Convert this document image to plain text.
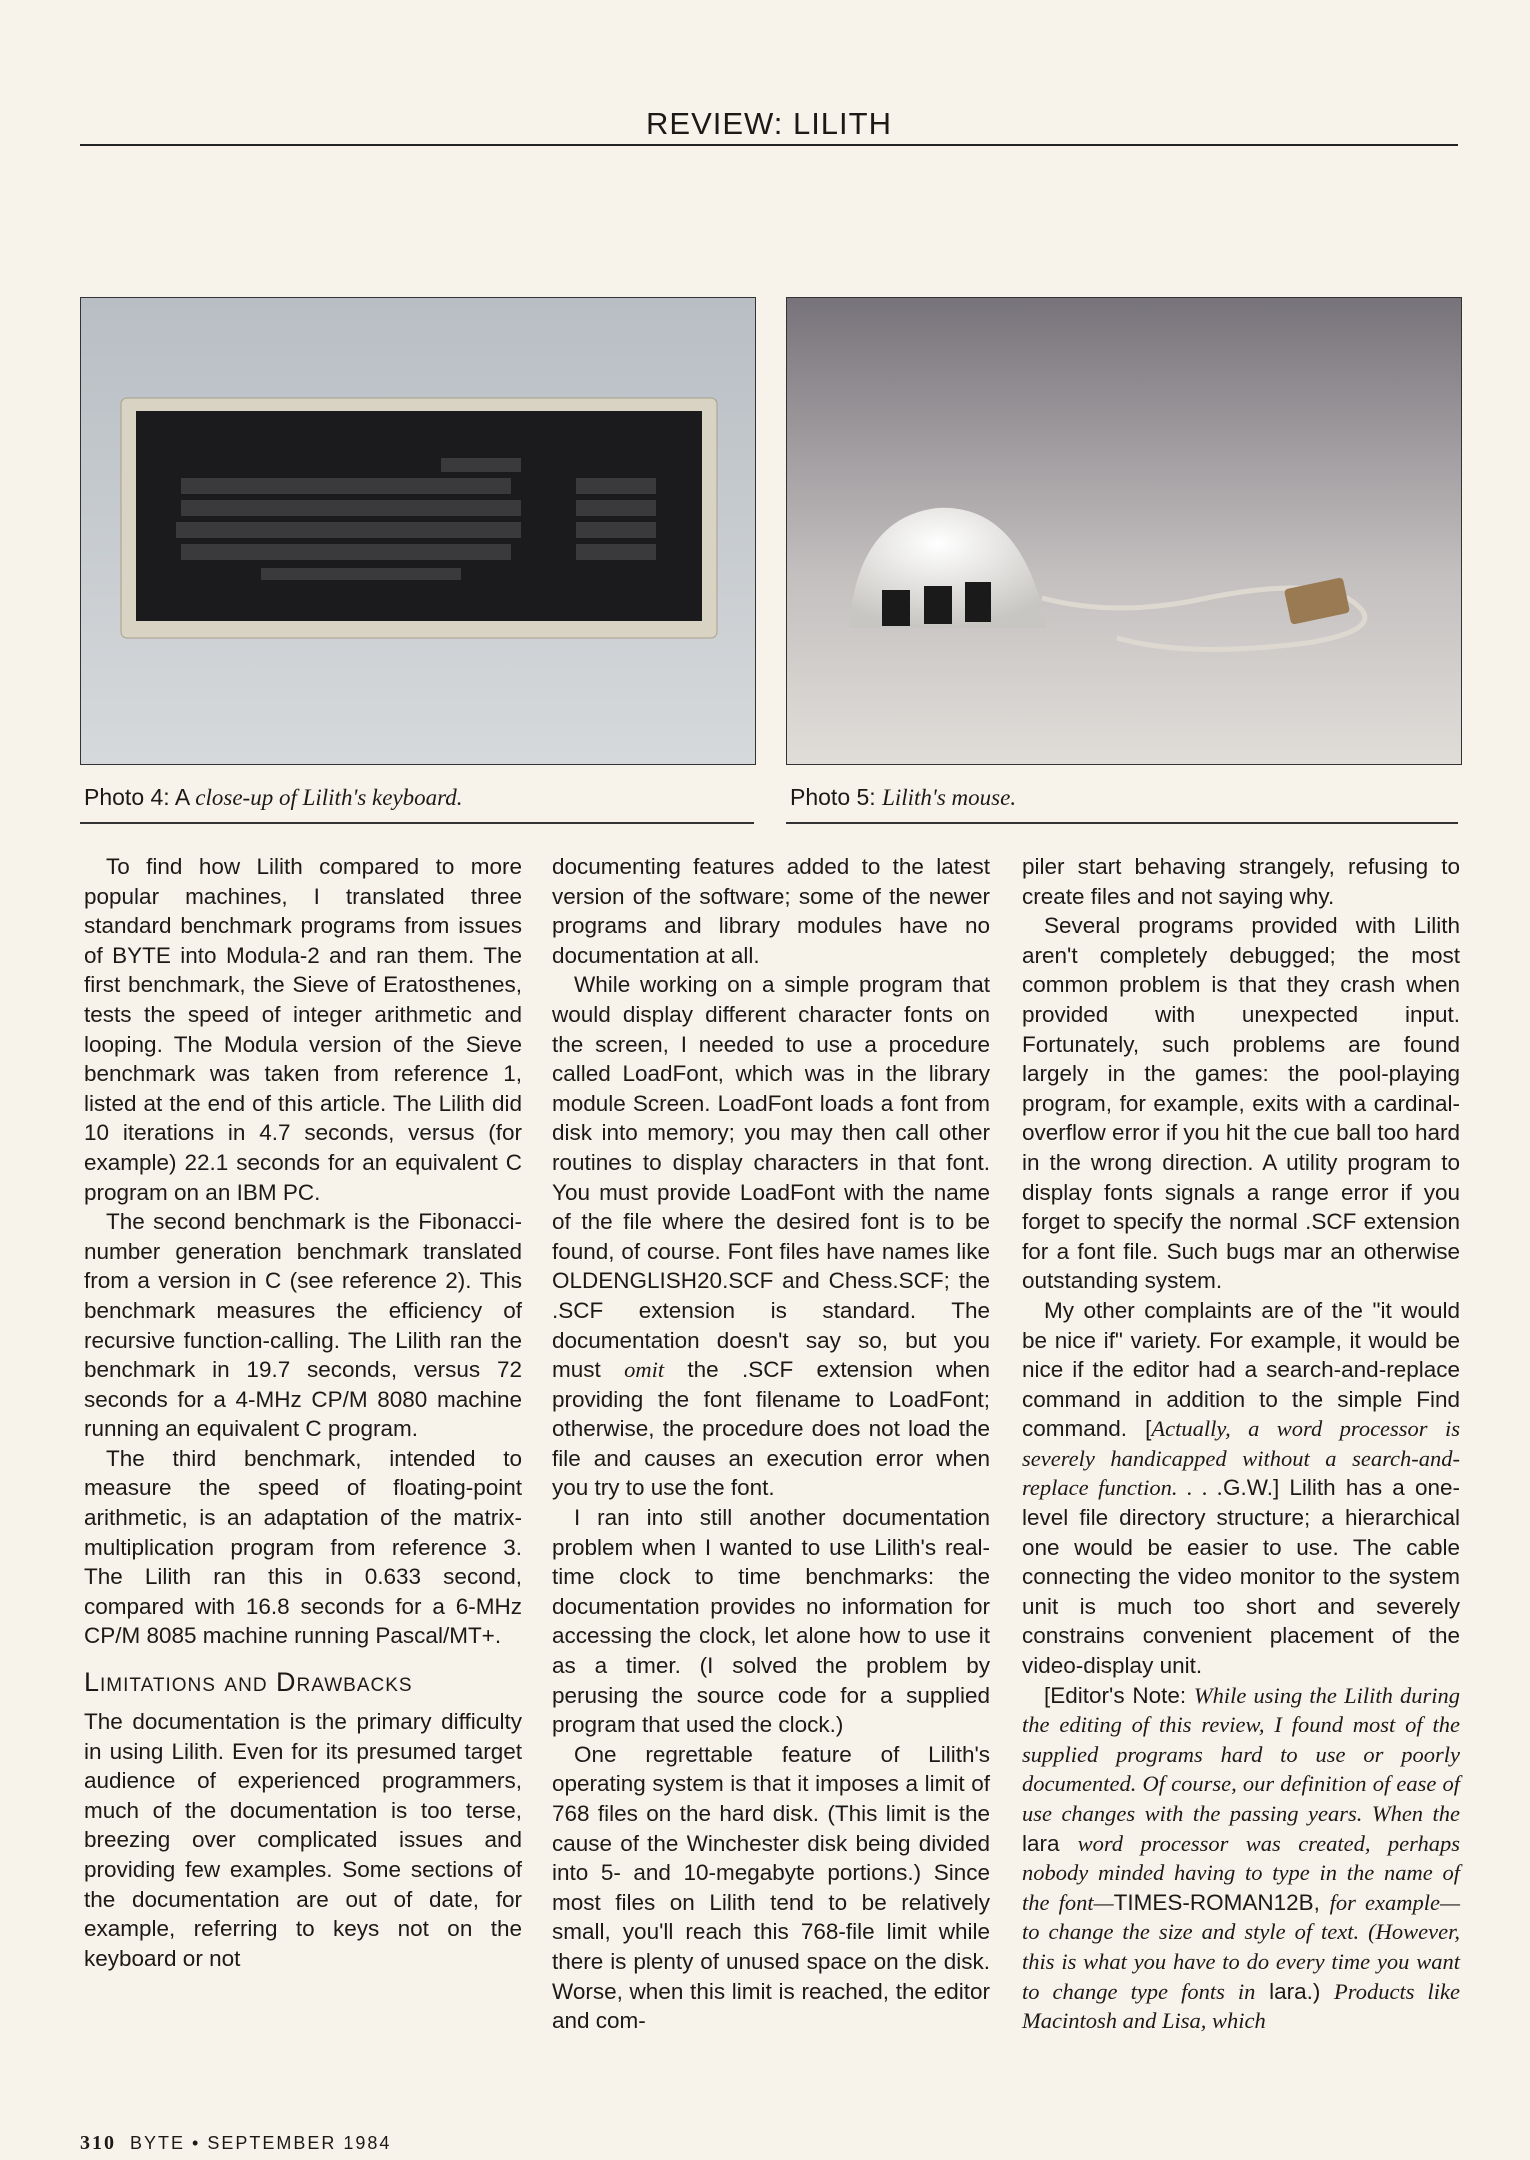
REVIEW: LILITH
Photo 4: A close-up of Lilith's keyboard.	Photo 5: Lilith's mouse.

To find how Lilith compared to more popular machines, I translated three standard benchmark programs from issues of BYTE into Modula-2 and ran them. The first benchmark, the Sieve of Eratosthenes, tests the speed of integer arithmetic and looping. The Modula version of the Sieve benchmark was taken from reference 1, listed at the end of this article. The Lilith did 10 iterations in 4.7 seconds, versus (for example) 22.1 seconds for an equivalent C program on an IBM PC.

The second benchmark is the Fibonacci-number generation benchmark translated from a version in C (see reference 2). This benchmark measures the efficiency of recursive function-calling. The Lilith ran the benchmark in 19.7 seconds, versus 72 seconds for a 4-MHz CP/M 8080 machine running an equivalent C program.

The third benchmark, intended to measure the speed of floating-point arithmetic, is an adaptation of the matrix-multiplication program from reference 3. The Lilith ran this in 0.633 second, compared with 16.8 seconds for a 6-MHz CP/M 8085 machine running Pascal/MT+.

Limitations and Drawbacks

The documentation is the primary difficulty in using Lilith. Even for its presumed target audience of experienced programmers, much of the documentation is too terse, breezing over complicated issues and providing few examples. Some sections of the documentation are out of date, for example, referring to keys not on the keyboard or not

documenting features added to the latest version of the software; some of the newer programs and library modules have no documentation at all.

While working on a simple program that would display different character fonts on the screen, I needed to use a procedure called LoadFont, which was in the library module Screen. LoadFont loads a font from disk into memory; you may then call other routines to display characters in that font. You must provide LoadFont with the name of the file where the desired font is to be found, of course. Font files have names like OLDENGLISH20.SCF and Chess.SCF; the .SCF extension is standard. The documentation doesn't say so, but you must omit the .SCF extension when providing the font filename to LoadFont; otherwise, the procedure does not load the file and causes an execution error when you try to use the font.

I ran into still another documentation problem when I wanted to use Lilith's real-time clock to time benchmarks: the documentation provides no information for accessing the clock, let alone how to use it as a timer. (I solved the problem by perusing the source code for a supplied program that used the clock.)

One regrettable feature of Lilith's operating system is that it imposes a limit of 768 files on the hard disk. (This limit is the cause of the Winchester disk being divided into 5- and 10-megabyte portions.) Since most files on Lilith tend to be relatively small, you'll reach this 768-file limit while there is plenty of unused space on the disk. Worse, when this limit is reached, the editor and com-

piler start behaving strangely, refusing to create files and not saying why.

Several programs provided with Lilith aren't completely debugged; the most common problem is that they crash when provided with unexpected input. Fortunately, such problems are found largely in the games: the pool-playing program, for example, exits with a cardinal-overflow error if you hit the cue ball too hard in the wrong direction. A utility program to display fonts signals a range error if you forget to specify the normal .SCF extension for a font file. Such bugs mar an otherwise outstanding system.

My other complaints are of the "it would be nice if" variety. For example, it would be nice if the editor had a search-and-replace command in addition to the simple Find command. [Actually, a word processor is severely handicapped without a search-and-replace function. . . .G.W.] Lilith has a one-level file directory structure; a hierarchical one would be easier to use. The cable connecting the video monitor to the system unit is much too short and severely constrains convenient placement of the video-display unit.

[Editor's Note: While using the Lilith during the editing of this review, I found most of the supplied programs hard to use or poorly documented. Of course, our definition of ease of use changes with the passing years. When the lara word processor was created, perhaps nobody minded having to type in the name of the font—TIMES-ROMAN12B, for example—to change the size and style of text. (However, this is what you have to do every time you want to change type fonts in lara.) Products like Macintosh and Lisa, which

310 BYTE • SEPTEMBER 1984
